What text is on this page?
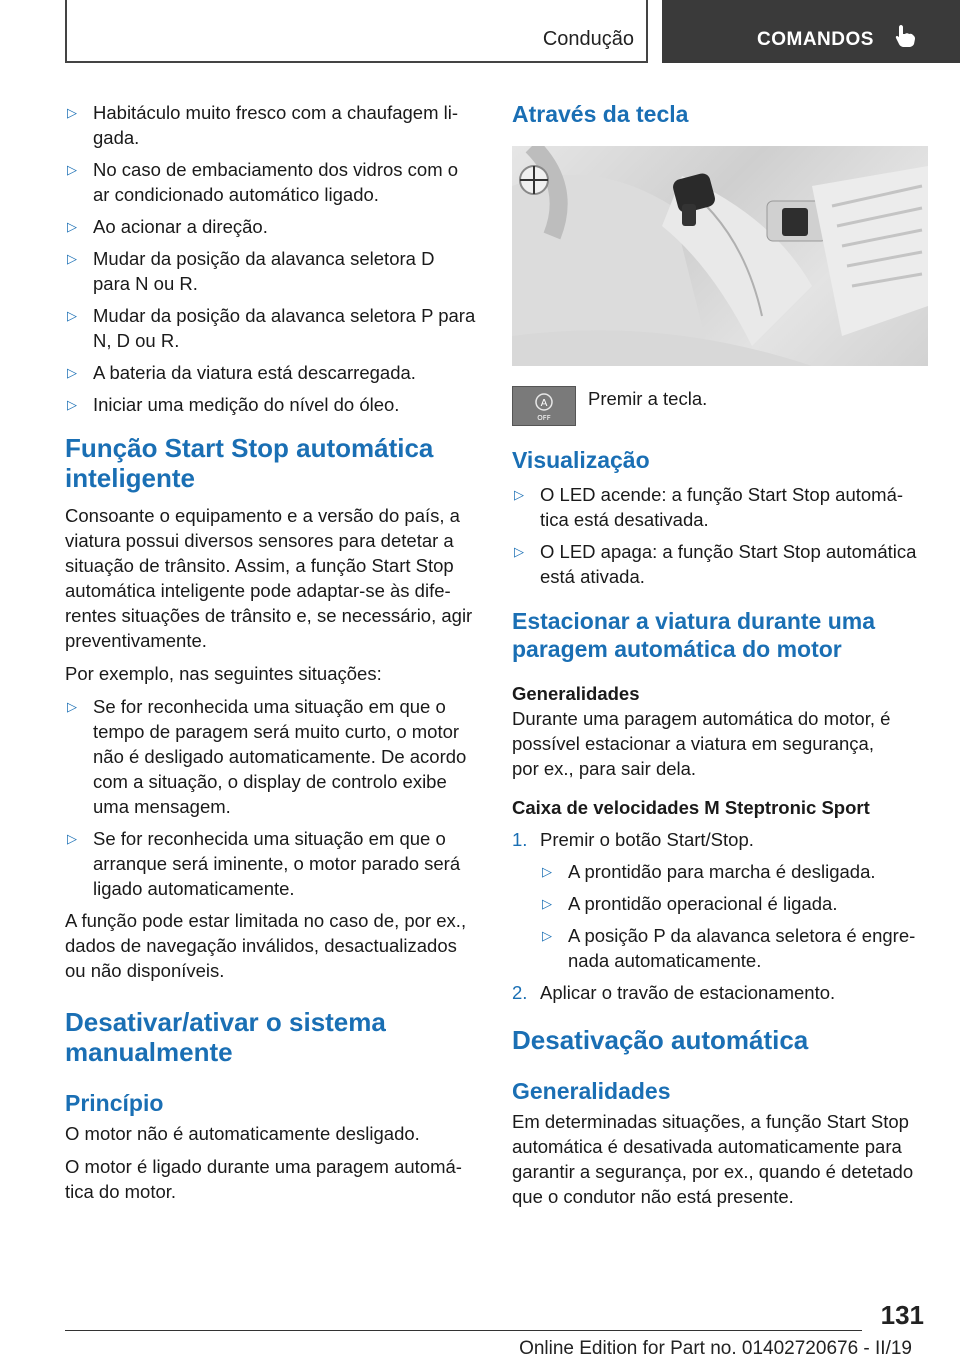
Condução	COMANDOS
▷ Habitáculo muito fresco com a chaufagem li-
gada.
▷ No caso de embaciamento dos vidros com o
ar condicionado automático ligado.
▷ Ao acionar a direção.
▷ Mudar da posição da alavanca seletora D
para N ou R.
▷ Mudar da posição da alavanca seletora P para
N, D ou R.
▷ A bateria da viatura está descarregada.
▷ Iniciar uma medição do nível do óleo.
Função Start Stop automática
inteligente

Consoante o equipamento e a versão do país, a
viatura possui diversos sensores para detetar a
situação de trânsito. Assim, a função Start Stop
automática inteligente pode adaptar-se às dife-
rentes situações de trânsito e, se necessário, agir
preventivamente.

Por exemplo, nas seguintes situações:

▷ Se for reconhecida uma situação em que o
tempo de paragem será muito curto, o motor
não é desligado automaticamente. De acordo
com a situação, o display de controlo exibe
uma mensagem.
▷ Se for reconhecida uma situação em que o
arranque será iminente, o motor parado será
ligado automaticamente.

A função pode estar limitada no caso de, por ex.,
dados de navegação inválidos, desactualizados
ou não disponíveis.

Desativar/ativar o sistema
manualmente
Princípio

O motor não é automaticamente desligado.

O motor é ligado durante uma paragem automá-
tica do motor.

Através da tecla
A
OFF
Premir a tecla.
Visualização
▷ O LED acende: a função Start Stop automá-
tica está desativada.
▷ O LED apaga: a função Start Stop automática
está ativada.
Estacionar a viatura durante uma
paragem automática do motor
Generalidades

Durante uma paragem automática do motor, é
possível estacionar a viatura em segurança,
por ex., para sair dela.

Caixa de velocidades M Steptronic Sport
1. Premir o botão Start/Stop.
▷ A prontidão para marcha é desligada.
▷ A prontidão operacional é ligada.
▷ A posição P da alavanca seletora é engre-
nada automaticamente.
2. Aplicar o travão de estacionamento.
Desativação automática
Generalidades

Em determinadas situações, a função Start Stop
automática é desativada automaticamente para
garantir a segurança, por ex., quando é detetado
que o condutor não está presente.

131
Online Edition for Part no. 01402720676 - II/19
